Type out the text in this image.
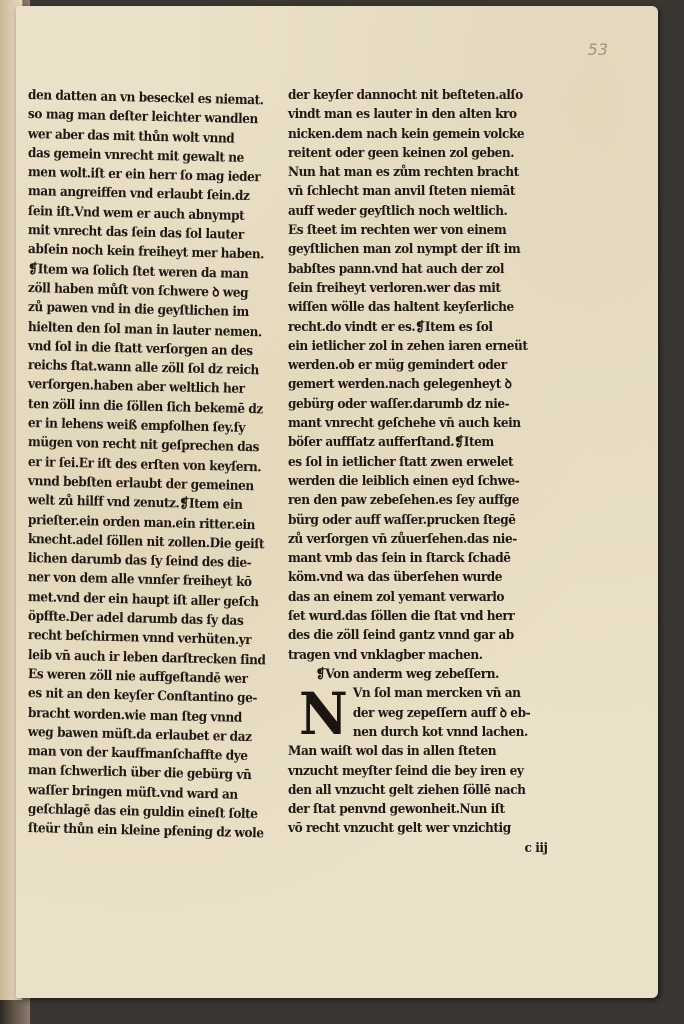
53
den datten an vn beseckel es niemat.
so mag man deſter leichter wandlen
wer aber das mit thůn wolt vnnd
das gemein vnrecht mit gewalt ne
men wolt.iſt er ein herr ſo mag ieder
man angreiffen vnd erlaubt ſein.dz
ſein iſt.Vnd wem er auch abnympt
mit vnrecht das ſein das ſol lauter
abſein noch kein freiheyt mer haben.
❡Item wa ſolich ſtet weren da man
zöll haben můſt von ſchwere ꝺ weg
zů pawen vnd in die geyſtlichen im
hielten den ſol man in lauter nemen.
vnd ſol in die ſtatt verſorgen an des
reichs ſtat.wann alle zöll ſol dz reich
verſorgen.haben aber weltlich her
ten zöll inn die ſöllen ſich bekemē dz
er in lehens weiß empfolhen ſey.ſy
mügen von recht nit geſprechen das
er ir ſei.Er iſt des erſten von keyſern.
vnnd bebſten erlaubt der gemeinen
welt zů hilff vnd zenutz.❡Item ein
prieſter.ein orden man.ein ritter.ein
knecht.adel ſöllen nit zollen.Die geiſt
lichen darumb das ſy ſeind des die-
ner von dem alle vnnſer freiheyt kō
met.vnd der ein haupt iſt aller geſch
öpffte.Der adel darumb das ſy das
recht beſchirmen vnnd verhüten.yr
leib vn̄ auch ir leben darſtrecken ſind
Es weren zöll nie auffgeſtandē wer
es nit an den keyſer Conſtantino ge-
bracht worden.wie man ſteg vnnd
weg bawen müſt.da erlaubet er daz
man von der kauffmanſchaffte dye
man ſchwerlich über die gebürg vn̄
waſſer bringen müſt.vnd ward an
geſchlagē das ein guldin eineſt ſolte
ſteür thůn ein kleine pfening dz wole
der keyſer dannocht nit beſteten.alſo
vindt man es lauter in den alten kro
nicken.dem nach kein gemein volcke
reitent oder geen keinen zol geben.
Nun hat man es zům rechten bracht
vn̄ ſchlecht man anvil ſteten niemāt
auff weder geyſtlich noch weltlich.
Es ſteet im rechten wer von einem
geyſtlichen man zol nympt der iſt im
babſtes pann.vnd hat auch der zol
ſein freiheyt verloren.wer das mit
wiſſen wölle das haltent keyſerliche
recht.do vindt er es.❡Item es ſol
ein ietlicher zol in zehen iaren erneüt
werden.ob er müg gemindert oder
gemert werden.nach gelegenheyt ꝺ
gebürg oder waſſer.darumb dz nie-
mant vnrecht geſchehe vn̄ auch kein
böſer auffſatz aufferſtand.❡Item
es ſol in ietlicher ſtatt zwen erwelet
werden die leiblich einen eyd ſchwe-
ren den paw zebeſehen.es ſey auffge
bürg oder auff waſſer.prucken ſtegē
zů verſorgen vn̄ zůuerſehen.das nie-
mant vmb das ſein in ſtarck ſchadē
köm.vnd wa das überſehen wurde
das an einem zol yemant verwarlo
ſet wurd.das ſöllen die ſtat vnd herr
des die zöll ſeind gantz vnnd gar ab
tragen vnd vnklagber machen.
❡Von anderm weg zebeſſern.
N Vn ſol man mercken vn̄ an
der weg zepeſſern auff ꝺ eb-
nen durch kot vnnd lachen.
Man waiſt wol das in allen ſteten
vnzucht meyſter ſeind die bey iren ey
den all vnzucht gelt ziehen ſöllē nach
der ſtat penvnd gewonheit.Nun iſt
vō recht vnzucht gelt wer vnzichtig
c iij
